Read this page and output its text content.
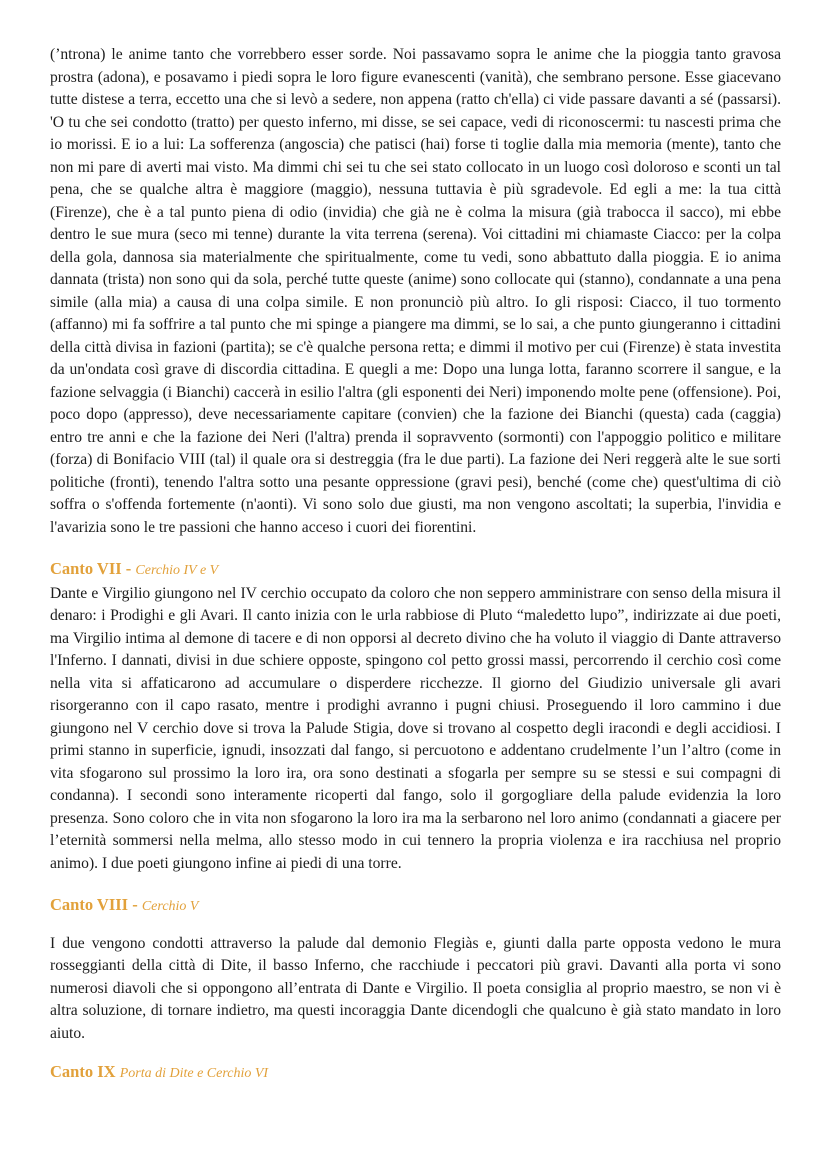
(’ntrona) le anime tanto che vorrebbero esser sorde. Noi passavamo sopra le anime che la pioggia tanto gravosa prostra (adona), e posavamo i piedi sopra le loro figure evanescenti (vanità), che sembrano persone. Esse giacevano tutte distese a terra, eccetto una che si levò a sedere, non appena (ratto ch'ella) ci vide passare davanti a sé (passarsi). 'O tu che sei condotto (tratto) per questo inferno, mi disse, se sei capace, vedi di riconoscermi: tu nascesti prima che io morissi. E io a lui: La sofferenza (angoscia) che patisci (hai) forse ti toglie dalla mia memoria (mente), tanto che non mi pare di averti mai visto. Ma dimmi chi sei tu che sei stato collocato in un luogo così doloroso e sconti un tal pena, che se qualche altra è maggiore (maggio), nessuna tuttavia è più sgradevole. Ed egli a me: la tua città (Firenze), che è a tal punto piena di odio (invidia) che già ne è colma la misura (già trabocca il sacco), mi ebbe dentro le sue mura (seco mi tenne) durante la vita terrena (serena). Voi cittadini mi chiamaste Ciacco: per la colpa della gola, dannosa sia materialmente che spiritualmente, come tu vedi, sono abbattuto dalla pioggia. E io anima dannata (trista) non sono qui da sola, perché tutte queste (anime) sono collocate qui (stanno), condannate a una pena simile (alla mia) a causa di una colpa simile. E non pronunciò più altro. Io gli risposi: Ciacco, il tuo tormento (affanno) mi fa soffrire a tal punto che mi spinge a piangere ma dimmi, se lo sai, a che punto giungeranno i cittadini della città divisa in fazioni (partita); se c'è qualche persona retta; e dimmi il motivo per cui (Firenze) è stata investita da un'ondata così grave di discordia cittadina. E quegli a me: Dopo una lunga lotta, faranno scorrere il sangue, e la fazione selvaggia (i Bianchi) caccerà in esilio l'altra (gli esponenti dei Neri) imponendo molte pene (offensione). Poi, poco dopo (appresso), deve necessariamente capitare (convien) che la fazione dei Bianchi (questa) cada (caggia) entro tre anni e che la fazione dei Neri (l'altra) prenda il sopravvento (sormonti) con l'appoggio politico e militare (forza) di Bonifacio VIII (tal) il quale ora si destreggia (fra le due parti). La fazione dei Neri reggerà alte le sue sorti politiche (fronti), tenendo l'altra sotto una pesante oppressione (gravi pesi), benché (come che) quest'ultima di ciò soffra o s'offenda fortemente (n'aonti). Vi sono solo due giusti, ma non vengono ascoltati; la superbia, l'invidia e l'avarizia sono le tre passioni che hanno acceso i cuori dei fiorentini.

Canto VII - Cerchio IV e V

Dante e Virgilio giungono nel IV cerchio occupato da coloro che non seppero amministrare con senso della misura il denaro: i Prodighi e gli Avari. Il canto inizia con le urla rabbiose di Pluto “maledetto lupo”, indirizzate ai due poeti, ma Virgilio intima al demone di tacere e di non opporsi al decreto divino che ha voluto il viaggio di Dante attraverso l'Inferno. I dannati, divisi in due schiere opposte, spingono col petto grossi massi, percorrendo il cerchio così come nella vita si affaticarono ad accumulare o disperdere ricchezze. Il giorno del Giudizio universale gli avari risorgeranno con il capo rasato, mentre i prodighi avranno i pugni chiusi. Proseguendo il loro cammino i due giungono nel V cerchio dove si trova la Palude Stigia, dove si trovano al cospetto degli iracondi e degli accidiosi. I primi stanno in superficie, ignudi, insozzati dal fango, si percuotono e addentano crudelmente l’un l’altro (come in vita sfogarono sul prossimo la loro ira, ora sono destinati a sfogarla per sempre su se stessi e sui compagni di condanna). I secondi sono interamente ricoperti dal fango, solo il gorgogliare della palude evidenzia la loro presenza. Sono coloro che in vita non sfogarono la loro ira ma la serbarono nel loro animo (condannati a giacere per l’eternità sommersi nella melma, allo stesso modo in cui tennero la propria violenza e ira racchiusa nel proprio animo). I due poeti giungono infine ai piedi di una torre.

Canto VIII - Cerchio V

I due vengono condotti attraverso la palude dal demonio Flegiàs e, giunti dalla parte opposta vedono le mura rosseggianti della città di Dite, il basso Inferno, che racchiude i peccatori più gravi. Davanti alla porta vi sono numerosi diavoli che si oppongono all’entrata di Dante e Virgilio. Il poeta consiglia al proprio maestro, se non vi è altra soluzione, di tornare indietro, ma questi incoraggia Dante dicendogli che qualcuno è già stato mandato in loro aiuto.

Canto IX Porta di Dite e Cerchio VI
